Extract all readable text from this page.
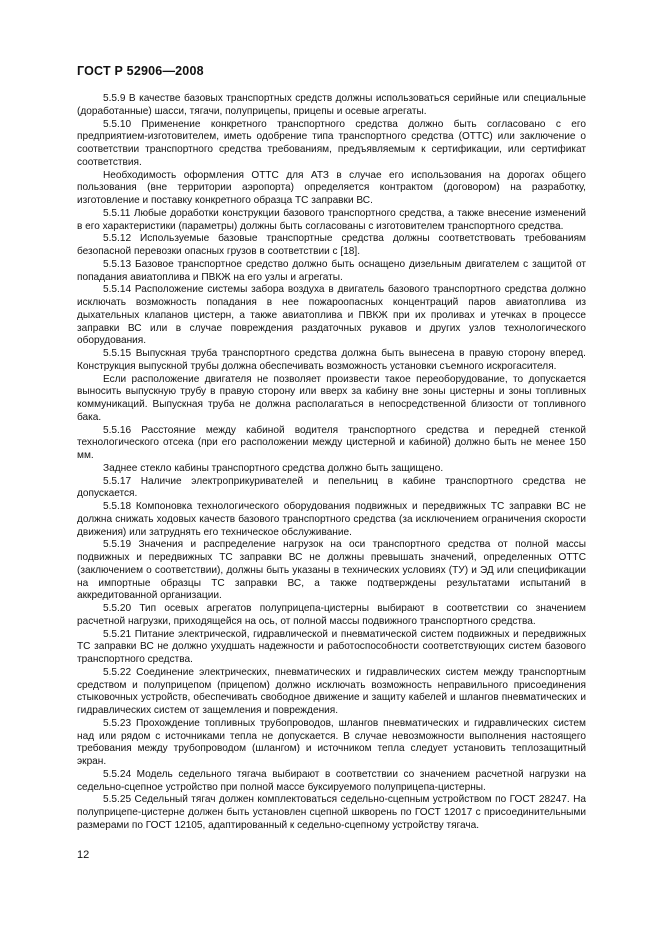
ГОСТ Р 52906—2008

5.5.9 В качестве базовых транспортных средств должны использоваться серийные или специальные (доработанные) шасси, тягачи, полуприцепы, прицепы и осевые агрегаты.

5.5.10 Применение конкретного транспортного средства должно быть согласовано с его предприятием-изготовителем, иметь одобрение типа транспортного средства (ОТТС) или заключение о соответствии транспортного средства требованиям, предъявляемым к сертификации, или сертификат соответствия.

Необходимость оформления ОТТС для АТЗ в случае его использования на дорогах общего пользования (вне территории аэропорта) определяется контрактом (договором) на разработку, изготовление и поставку конкретного образца ТС заправки ВС.

5.5.11 Любые доработки конструкции базового транспортного средства, а также внесение изменений в его характеристики (параметры) должны быть согласованы с изготовителем транспортного средства.

5.5.12 Используемые базовые транспортные средства должны соответствовать требованиям безопасной перевозки опасных грузов в соответствии с [18].

5.5.13 Базовое транспортное средство должно быть оснащено дизельным двигателем с защитой от попадания авиатоплива и ПВКЖ на его узлы и агрегаты.

5.5.14 Расположение системы забора воздуха в двигатель базового транспортного средства должно исключать возможность попадания в нее пожароопасных концентраций паров авиатоплива из дыхательных клапанов цистерн, а также авиатоплива и ПВКЖ при их проливах и утечках в процессе заправки ВС или в случае повреждения раздаточных рукавов и других узлов технологического оборудования.

5.5.15 Выпускная труба транспортного средства должна быть вынесена в правую сторону вперед. Конструкция выпускной трубы должна обеспечивать возможность установки съемного искрогасителя.

Если расположение двигателя не позволяет произвести такое переоборудование, то допускается выносить выпускную трубу в правую сторону или вверх за кабину вне зоны цистерны и зоны топливных коммуникаций. Выпускная труба не должна располагаться в непосредственной близости от топливного бака.

5.5.16 Расстояние между кабиной водителя транспортного средства и передней стенкой технологического отсека (при его расположении между цистерной и кабиной) должно быть не менее 150 мм.

Заднее стекло кабины транспортного средства должно быть защищено.

5.5.17 Наличие электроприкуривателей и пепельниц в кабине транспортного средства не допускается.

5.5.18 Компоновка технологического оборудования подвижных и передвижных ТС заправки ВС не должна снижать ходовых качеств базового транспортного средства (за исключением ограничения скорости движения) или затруднять его техническое обслуживание.

5.5.19 Значения и распределение нагрузок на оси транспортного средства от полной массы подвижных и передвижных ТС заправки ВС не должны превышать значений, определенных ОТТС (заключением о соответствии), должны быть указаны в технических условиях (ТУ) и ЭД или спецификации на импортные образцы ТС заправки ВС, а также подтверждены результатами испытаний в аккредитованной организации.

5.5.20 Тип осевых агрегатов полуприцепа-цистерны выбирают в соответствии со значением расчетной нагрузки, приходящейся на ось, от полной массы подвижного транспортного средства.

5.5.21 Питание электрической, гидравлической и пневматической систем подвижных и передвижных ТС заправки ВС не должно ухудшать надежности и работоспособности соответствующих систем базового транспортного средства.

5.5.22 Соединение электрических, пневматических и гидравлических систем между транспортным средством и полуприцепом (прицепом) должно исключать возможность неправильного присоединения стыковочных устройств, обеспечивать свободное движение и защиту кабелей и шлангов пневматических и гидравлических систем от защемления и повреждения.

5.5.23 Прохождение топливных трубопроводов, шлангов пневматических и гидравлических систем над или рядом с источниками тепла не допускается. В случае невозможности выполнения настоящего требования между трубопроводом (шлангом) и источником тепла следует установить теплозащитный экран.

5.5.24 Модель седельного тягача выбирают в соответствии со значением расчетной нагрузки на седельно-сцепное устройство при полной массе буксируемого полуприцепа-цистерны.

5.5.25 Седельный тягач должен комплектоваться седельно-сцепным устройством по ГОСТ 28247. На полуприцепе-цистерне должен быть установлен сцепной шкворень по ГОСТ 12017 с присоединительными размерами по ГОСТ 12105, адаптированный к седельно-сцепному устройству тягача.

12
